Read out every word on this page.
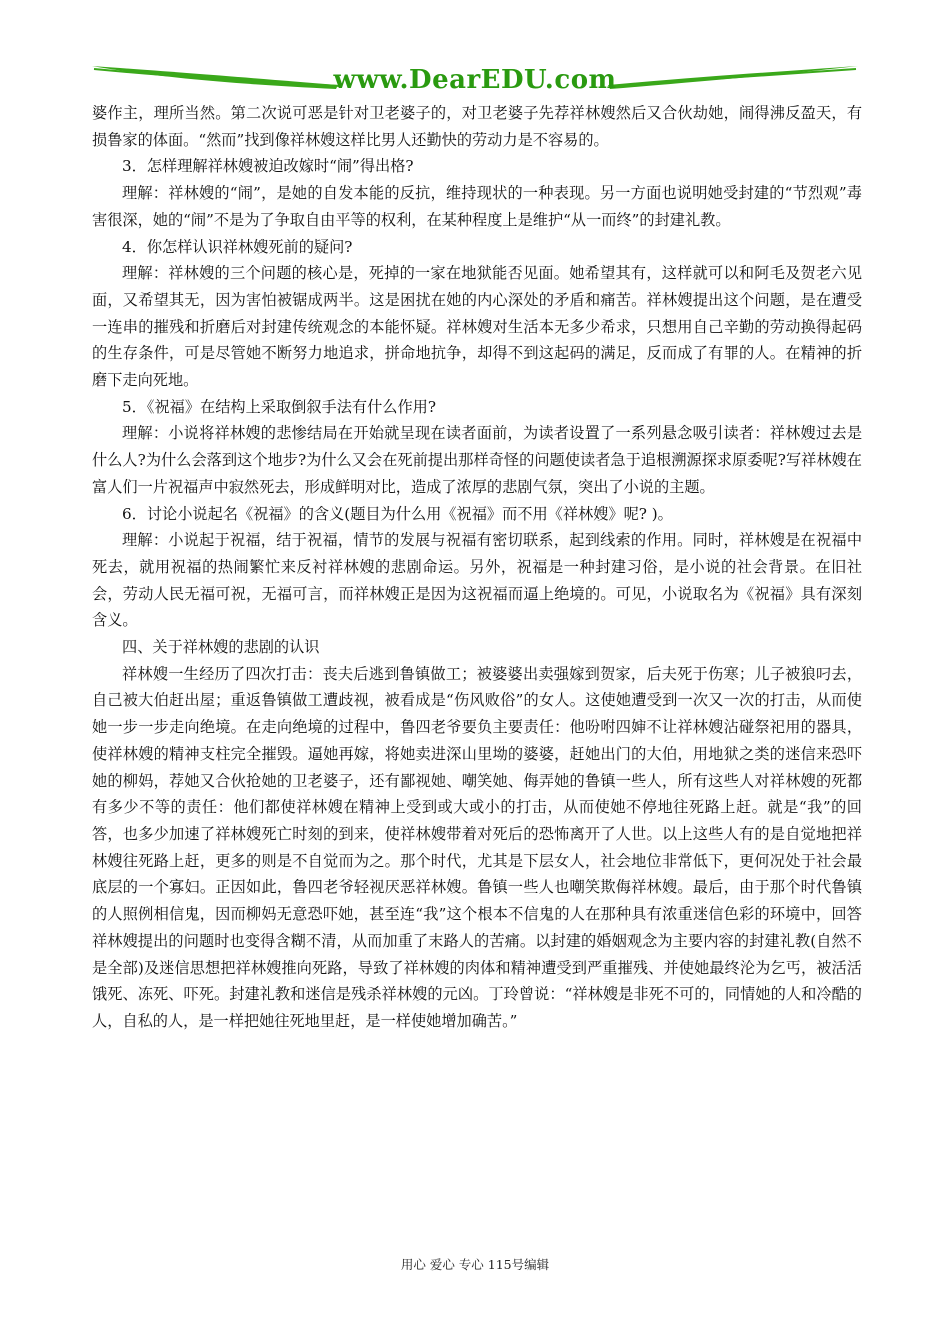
www.DearEDU.com

婆作主，理所当然。第二次说可恶是针对卫老婆子的，对卫老婆子先荐祥林嫂然后又合伙劫她，闹得沸反盈天，有损鲁家的体面。“然而”找到像祥林嫂这样比男人还勤快的劳动力是不容易的。

3．怎样理解祥林嫂被迫改嫁时“闹”得出格?

理解：祥林嫂的“闹”，是她的自发本能的反抗，维持现状的一种表现。另一方面也说明她受封建的“节烈观”毒害很深，她的“闹”不是为了争取自由平等的权利，在某种程度上是维护“从一而终”的封建礼教。

4．你怎样认识祥林嫂死前的疑问?

理解：祥林嫂的三个问题的核心是，死掉的一家在地狱能否见面。她希望其有，这样就可以和阿毛及贺老六见面，又希望其无，因为害怕被锯成两半。这是困扰在她的内心深处的矛盾和痛苦。祥林嫂提出这个问题，是在遭受一连串的摧残和折磨后对封建传统观念的本能怀疑。祥林嫂对生活本无多少希求，只想用自己辛勤的劳动换得起码的生存条件，可是尽管她不断努力地追求，拼命地抗争，却得不到这起码的满足，反而成了有罪的人。在精神的折磨下走向死地。

5．《祝福》在结构上采取倒叙手法有什么作用?

理解：小说将祥林嫂的悲惨结局在开始就呈现在读者面前，为读者设置了一系列悬念吸引读者：祥林嫂过去是什么人?为什么会落到这个地步?为什么又会在死前提出那样奇怪的问题使读者急于追根溯源探求原委呢?写祥林嫂在富人们一片祝福声中寂然死去，形成鲜明对比，造成了浓厚的悲剧气氛，突出了小说的主题。

6．讨论小说起名《祝福》的含义(题目为什么用《祝福》而不用《祥林嫂》呢? )。

理解：小说起于祝福，结于祝福，情节的发展与祝福有密切联系，起到线索的作用。同时，祥林嫂是在祝福中死去，就用祝福的热闹繁忙来反衬祥林嫂的悲剧命运。另外，祝福是一种封建习俗，是小说的社会背景。在旧社会，劳动人民无福可祝，无福可言，而祥林嫂正是因为这祝福而逼上绝境的。可见，小说取名为《祝福》具有深刻含义。

四、关于祥林嫂的悲剧的认识

祥林嫂一生经历了四次打击：丧夫后逃到鲁镇做工；被婆婆出卖强嫁到贺家，后夫死于伤寒；儿子被狼叼去，自己被大伯赶出屋；重返鲁镇做工遭歧视，被看成是“伤风败俗”的女人。这使她遭受到一次又一次的打击，从而使她一步一步走向绝境。在走向绝境的过程中，鲁四老爷要负主要责任：他吩咐四婶不让祥林嫂沾碰祭祀用的器具，使祥林嫂的精神支柱完全摧毁。逼她再嫁，将她卖进深山里坳的婆婆，赶她出门的大伯，用地狱之类的迷信来恐吓她的柳妈，荐她又合伙抢她的卫老婆子，还有鄙视她、嘲笑她、侮弄她的鲁镇一些人，所有这些人对祥林嫂的死都有多少不等的责任：他们都使祥林嫂在精神上受到或大或小的打击，从而使她不停地往死路上赶。就是“我”的回答，也多少加速了祥林嫂死亡时刻的到来，使祥林嫂带着对死后的恐怖离开了人世。以上这些人有的是自觉地把祥林嫂往死路上赶，更多的则是不自觉而为之。那个时代，尤其是下层女人，社会地位非常低下，更何况处于社会最底层的一个寡妇。正因如此，鲁四老爷轻视厌恶祥林嫂。鲁镇一些人也嘲笑欺侮祥林嫂。最后，由于那个时代鲁镇的人照例相信鬼，因而柳妈无意恐吓她，甚至连“我”这个根本不信鬼的人在那种具有浓重迷信色彩的环境中，回答祥林嫂提出的问题时也变得含糊不清，从而加重了末路人的苦痛。以封建的婚姻观念为主要内容的封建礼教(自然不是全部)及迷信思想把祥林嫂推向死路，导致了祥林嫂的肉体和精神遭受到严重摧残、并使她最终沦为乞丐，被活活饿死、冻死、吓死。封建礼教和迷信是残杀祥林嫂的元凶。丁玲曾说：“祥林嫂是非死不可的，同情她的人和冷酷的人，自私的人，是一样把她往死地里赶，是一样使她增加确苦。”

用心 爱心 专心 115号编辑
